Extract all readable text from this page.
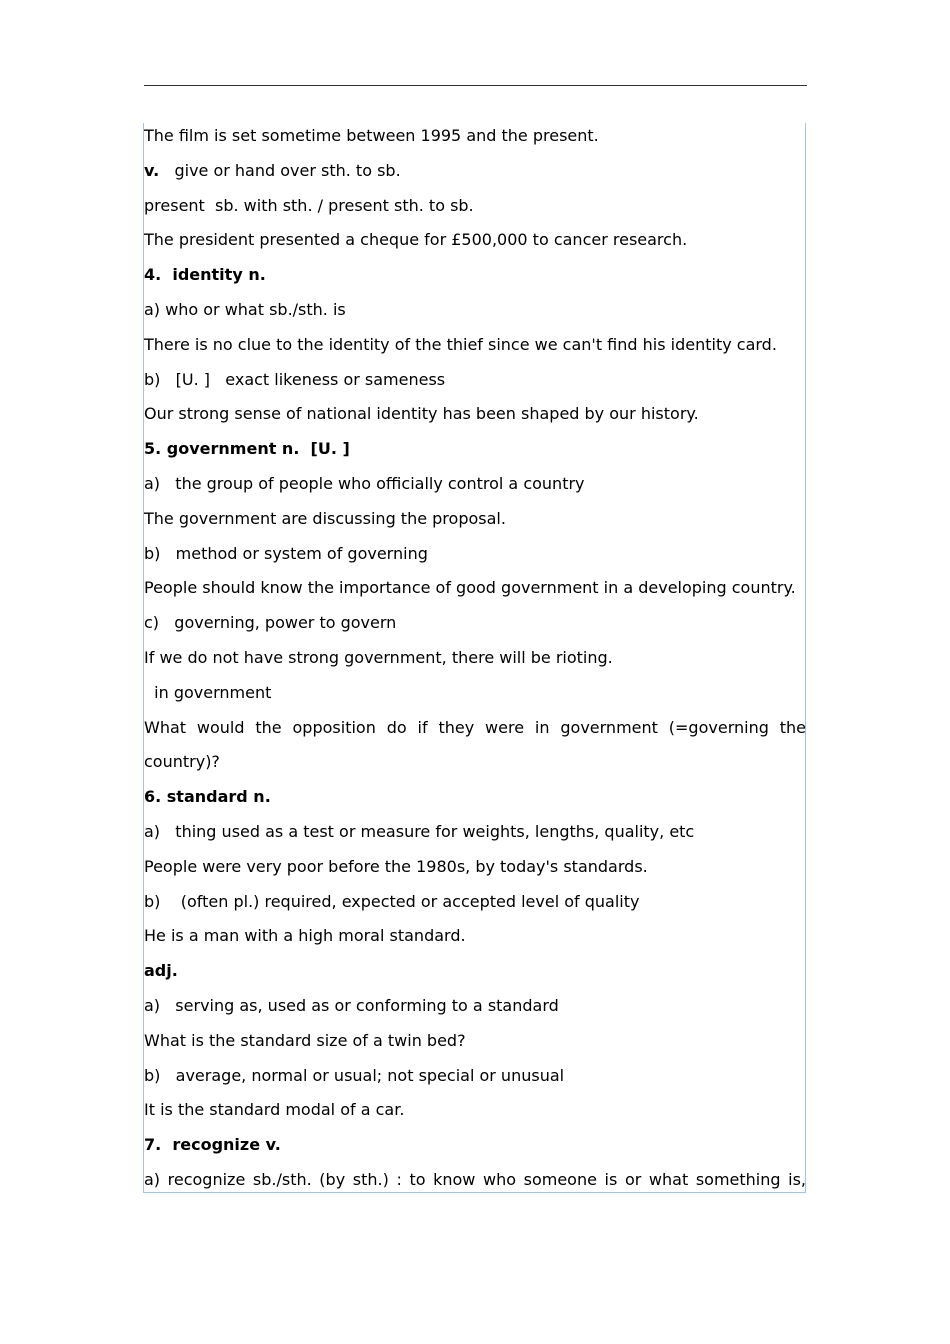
The film is set sometime between 1995 and the present.
v.   give or hand over sth. to sb.
present  sb. with sth. / present sth. to sb.
The president presented a cheque for £500,000 to cancer research.
4.  identity n.
a) who or what sb./sth. is
There is no clue to the identity of the thief since we can't find his identity card.
b)   [U. ]   exact likeness or sameness
Our strong sense of national identity has been shaped by our history.
5. government n.  [U. ]
a)   the group of people who officially control a country
The government are discussing the proposal.
b)   method or system of governing
People should know the importance of good government in a developing country.
c)   governing, power to govern
If we do not have strong government, there will be rioting.
in government
What would the opposition do if they were in government (=governing the
country)?
6. standard n.
a)   thing used as a test or measure for weights, lengths, quality, etc
People were very poor before the 1980s, by today's standards.
b)    (often pl.) required, expected or accepted level of quality
He is a man with a high moral standard.
adj.
a)   serving as, used as or conforming to a standard
What is the standard size of a twin bed?
b)   average, normal or usual; not special or unusual
It is the standard modal of a car.
7.  recognize v.
a) recognize sb./sth. (by sth.) : to know who someone is or what something is,
